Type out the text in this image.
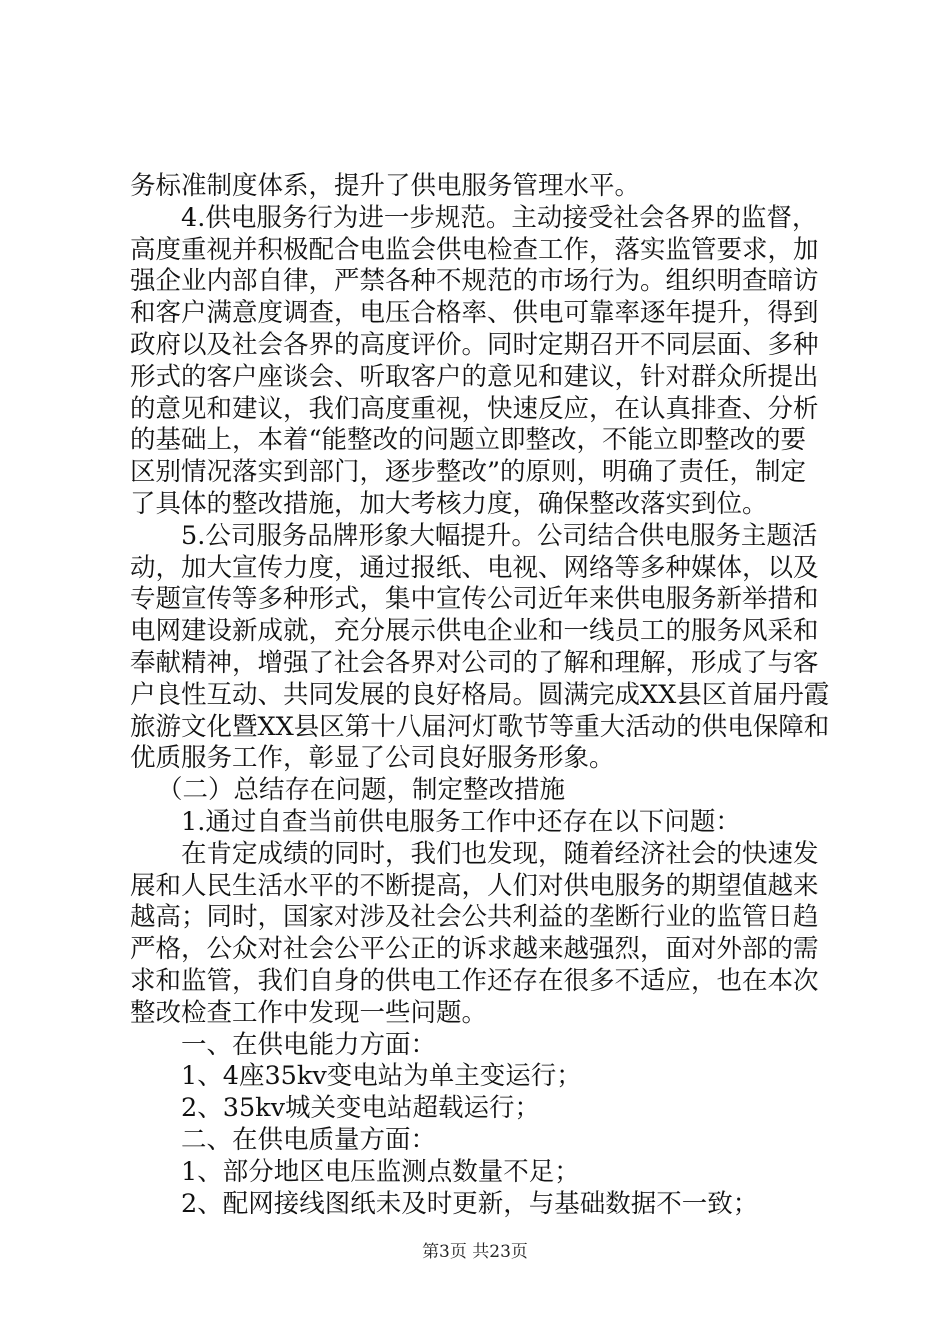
务标准制度体系，提升了供电服务管理水平。
4.供电服务行为进一步规范。主动接受社会各界的监督，
高度重视并积极配合电监会供电检查工作，落实监管要求，加
强企业内部自律，严禁各种不规范的市场行为。组织明查暗访
和客户满意度调查，电压合格率、供电可靠率逐年提升，得到
政府以及社会各界的高度评价。同时定期召开不同层面、多种
形式的客户座谈会、听取客户的意见和建议，针对群众所提出
的意见和建议，我们高度重视，快速反应，在认真排查、分析
的基础上，本着“能整改的问题立即整改，不能立即整改的要
区别情况落实到部门，逐步整改”的原则，明确了责任，制定
了具体的整改措施，加大考核力度，确保整改落实到位。
5.公司服务品牌形象大幅提升。公司结合供电服务主题活
动，加大宣传力度，通过报纸、电视、网络等多种媒体，以及
专题宣传等多种形式，集中宣传公司近年来供电服务新举措和
电网建设新成就，充分展示供电企业和一线员工的服务风采和
奉献精神，增强了社会各界对公司的了解和理解，形成了与客
户良性互动、共同发展的良好格局。圆满完成XX县区首届丹霞
旅游文化暨XX县区第十八届河灯歌节等重大活动的供电保障和
优质服务工作，彰显了公司良好服务形象。
（二）总结存在问题，制定整改措施
1.通过自查当前供电服务工作中还存在以下问题：
在肯定成绩的同时，我们也发现，随着经济社会的快速发
展和人民生活水平的不断提高，人们对供电服务的期望值越来
越高；同时，国家对涉及社会公共利益的垄断行业的监管日趋
严格，公众对社会公平公正的诉求越来越强烈，面对外部的需
求和监管，我们自身的供电工作还存在很多不适应，也在本次
整改检查工作中发现一些问题。
一、在供电能力方面：
1、4座35kv变电站为单主变运行；
2、35kv城关变电站超载运行；
二、在供电质量方面：
1、部分地区电压监测点数量不足；
2、配网接线图纸未及时更新，与基础数据不一致；
第3页 共23页
